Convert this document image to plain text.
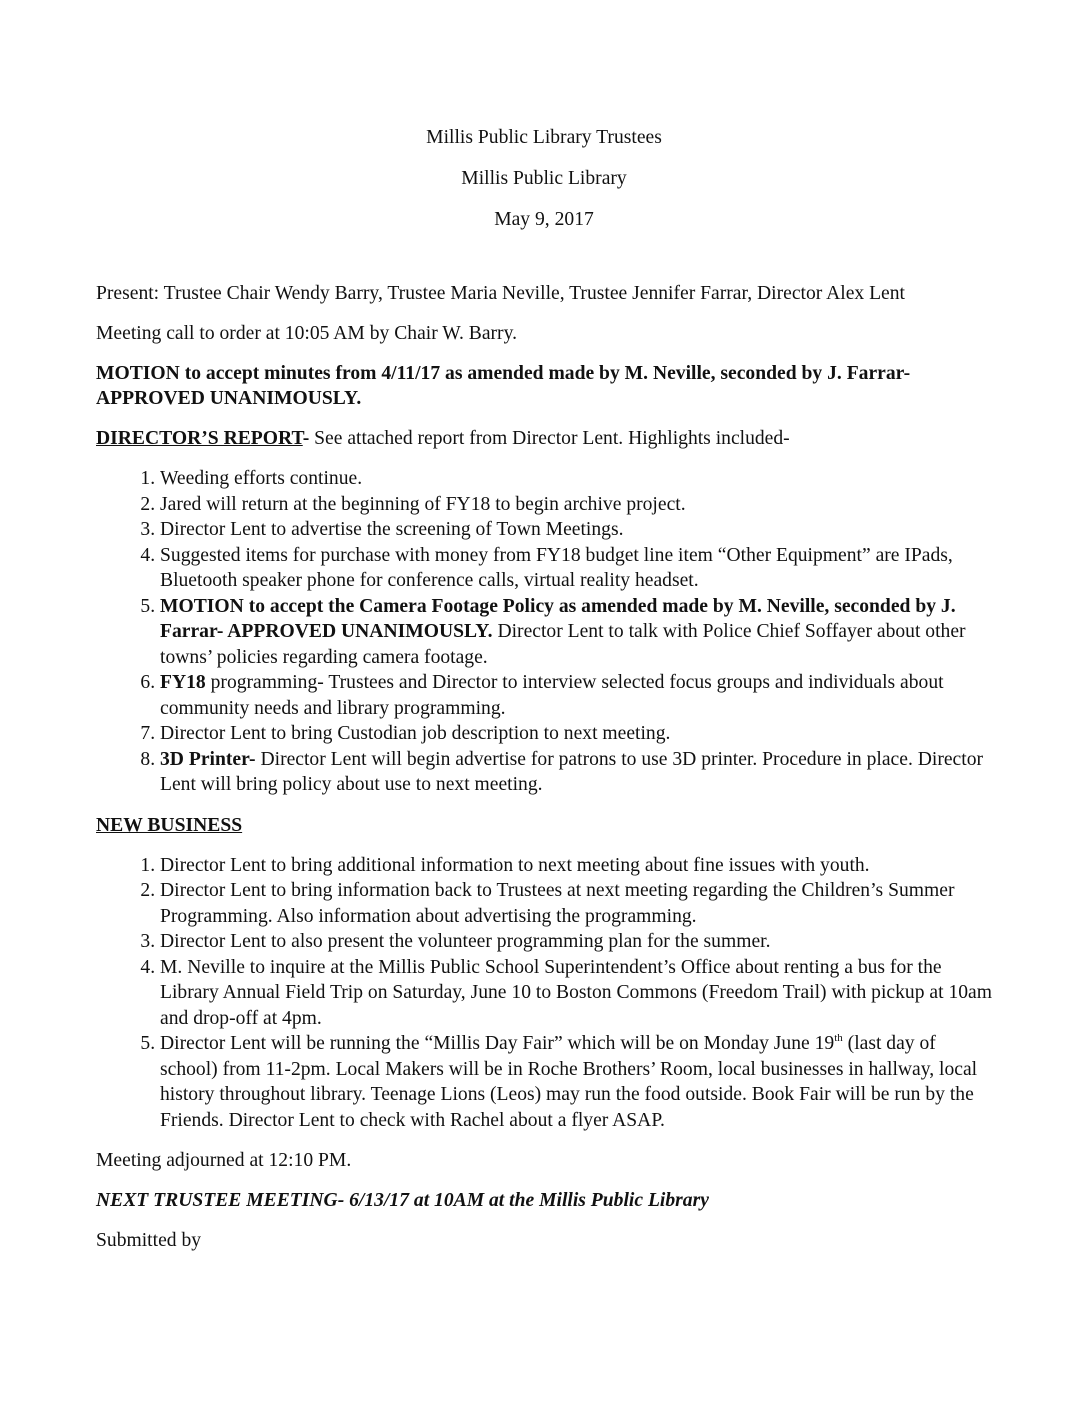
Millis Public Library Trustees

Millis Public Library

May 9, 2017

Present: Trustee Chair Wendy Barry, Trustee Maria Neville, Trustee Jennifer Farrar, Director Alex Lent

Meeting call to order at 10:05 AM by Chair W. Barry.

MOTION to accept minutes from 4/11/17 as amended made by M. Neville, seconded by J. Farrar- APPROVED UNANIMOUSLY.

DIRECTOR’S REPORT- See attached report from Director Lent. Highlights included-

1. Weeding efforts continue.
2. Jared will return at the beginning of FY18 to begin archive project.
3. Director Lent to advertise the screening of Town Meetings.
4. Suggested items for purchase with money from FY18 budget line item “Other Equipment” are IPads, Bluetooth speaker phone for conference calls, virtual reality headset.
5. MOTION to accept the Camera Footage Policy as amended made by M. Neville, seconded by J. Farrar- APPROVED UNANIMOUSLY. Director Lent to talk with Police Chief Soffayer about other towns’ policies regarding camera footage.
6. FY18 programming- Trustees and Director to interview selected focus groups and individuals about community needs and library programming.
7. Director Lent to bring Custodian job description to next meeting.
8. 3D Printer- Director Lent will begin advertise for patrons to use 3D printer. Procedure in place. Director Lent will bring policy about use to next meeting.

NEW BUSINESS

1. Director Lent to bring additional information to next meeting about fine issues with youth.
2. Director Lent to bring information back to Trustees at next meeting regarding the Children’s Summer Programming. Also information about advertising the programming.
3. Director Lent to also present the volunteer programming plan for the summer.
4. M. Neville to inquire at the Millis Public School Superintendent’s Office about renting a bus for the Library Annual Field Trip on Saturday, June 10 to Boston Commons (Freedom Trail) with pickup at 10am and drop-off at 4pm.
5. Director Lent will be running the “Millis Day Fair” which will be on Monday June 19th (last day of school) from 11-2pm. Local Makers will be in Roche Brothers’ Room, local businesses in hallway, local history throughout library. Teenage Lions (Leos) may run the food outside. Book Fair will be run by the Friends. Director Lent to check with Rachel about a flyer ASAP.

Meeting adjourned at 12:10 PM.

NEXT TRUSTEE MEETING- 6/13/17 at 10AM at the Millis Public Library

Submitted by
